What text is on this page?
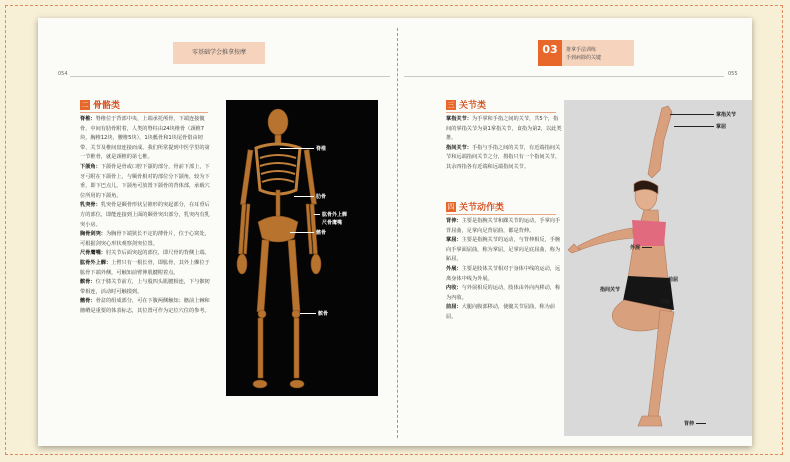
零基础学会推拿按摩
054
二 骨骼类

脊椎：脊椎位于背部中央，上端承托颅骨，下端连接髋骨，中间有肋骨附着，人类的脊柱由24块椎骨（颈椎7块，胸椎12块，腰椎5块），1块骶骨和1块尾骨借由韧带、关节及椎间盘连接而成。我们所常提到中医学里的第一节椎骨，就是颈椎的第七椎。

下颌角：下颌骨是骨或口腔下颌的部分，骨前下部上，下牙弓附在下颌骨上，与颞骨相对的部位分下颌角，较为下垂，即下巴点儿。下颌角可放置下颌骨的背体部，承载穴位所用的下颌角。

乳突骨：乳突骨是颞骨形状呈锥形的突起部分，在耳垂后方的部位，即能连接到上面的颞骨突出部分，乳突内有乳突小房。

胸骨剑突：为胸骨下端狭长不定的薄骨片，位于心窝处，可根据剑突心形状观察剑突位置。

尺骨鹰嘴：肘关节后面突起的部位，即尺骨的背侧上端。

肱骨外上髁：上臂只有一根长骨，即肱骨，其外上髁位于肱骨下端外侧，可触知前臂伸肌腱附着点。

髌骨：位于膝关节前方，上与股四头肌腱相连，下与髌韧带相连，活动时可触摸到。

髂骨：骨盆的组成部分，可在下腹两侧触知；髂前上棘和髂嵴是重要的体表标志，其位置可作为定位穴位的参考。

脊椎
肋骨
肱骨外上髁
尺骨鹰嘴
髂骨
髌骨
03
CHAPTER
推拿手法训练
手到病除的关键
055
三 关节类

掌指关节：为手掌和手指之间的关节，共5个，指间的掌指关节为第1掌指关节，食指为第2，以此类推。

指间关节：手指与手指之间的关节，有近端指间关节和远端指间关节之分，拇指只有一个指间关节，其余四指各有近端和远端指间关节。

四 关节动作类

背伸：主要是指腕关节和踝关节的运动，手掌向手背屈曲，足掌向足背屈曲，都是背伸。

掌屈：主要是指腕关节的运动，与背伸相反，手腕向手掌面屈曲，称为掌屈，足掌向足底屈曲，称为跖屈。

外展：主要是肢体关节相对于身体中线的运动，远离身体中线为外展。

内收：与外展相反的运动，肢体由外向内移动，称为内收。

前屈：大腿向腹部移动，使髋关节屈曲，称为前屈。

掌指关节
掌屈
外展
指间关节
前屈
内收
背伸
